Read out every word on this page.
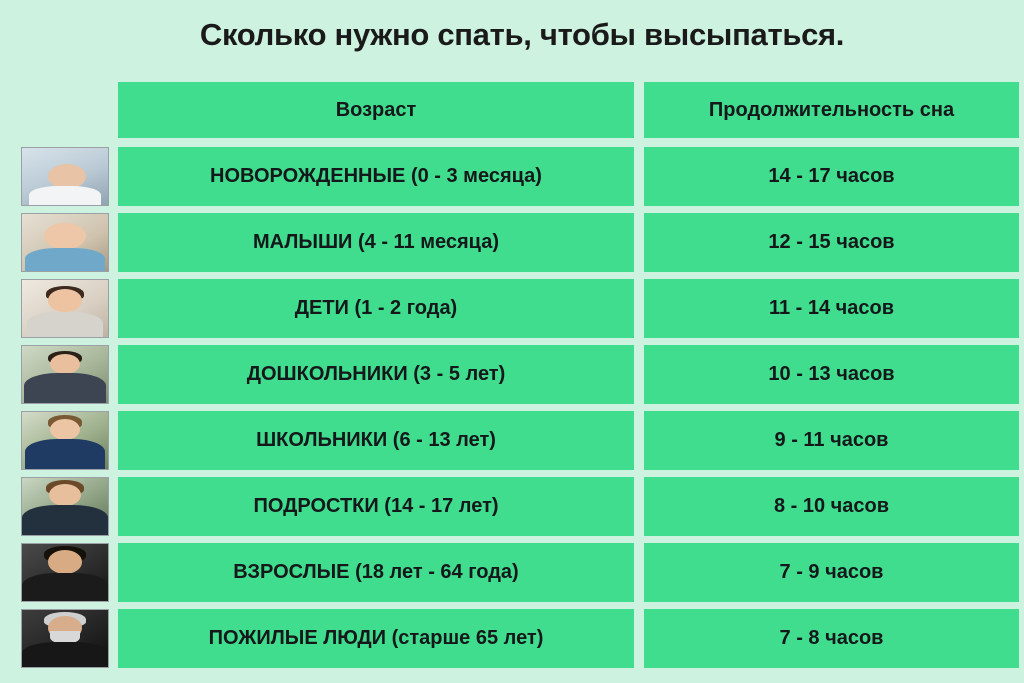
Сколько нужно спать, чтобы высыпаться.
Возраст	Продолжительность сна
НОВОРОЖДЕННЫЕ (0 - 3 месяца)	14 - 17 часов
МАЛЫШИ (4 - 11 месяца)	12 - 15 часов
ДЕТИ (1 - 2 года)	11 - 14 часов
ДОШКОЛЬНИКИ (3 - 5 лет)	10 - 13 часов
ШКОЛЬНИКИ (6 - 13 лет)	9 - 11 часов
ПОДРОСТКИ (14 - 17 лет)	8 - 10 часов
ВЗРОСЛЫЕ (18 лет - 64 года)	7 - 9 часов
ПОЖИЛЫЕ ЛЮДИ (старше 65 лет)	7 - 8 часов
